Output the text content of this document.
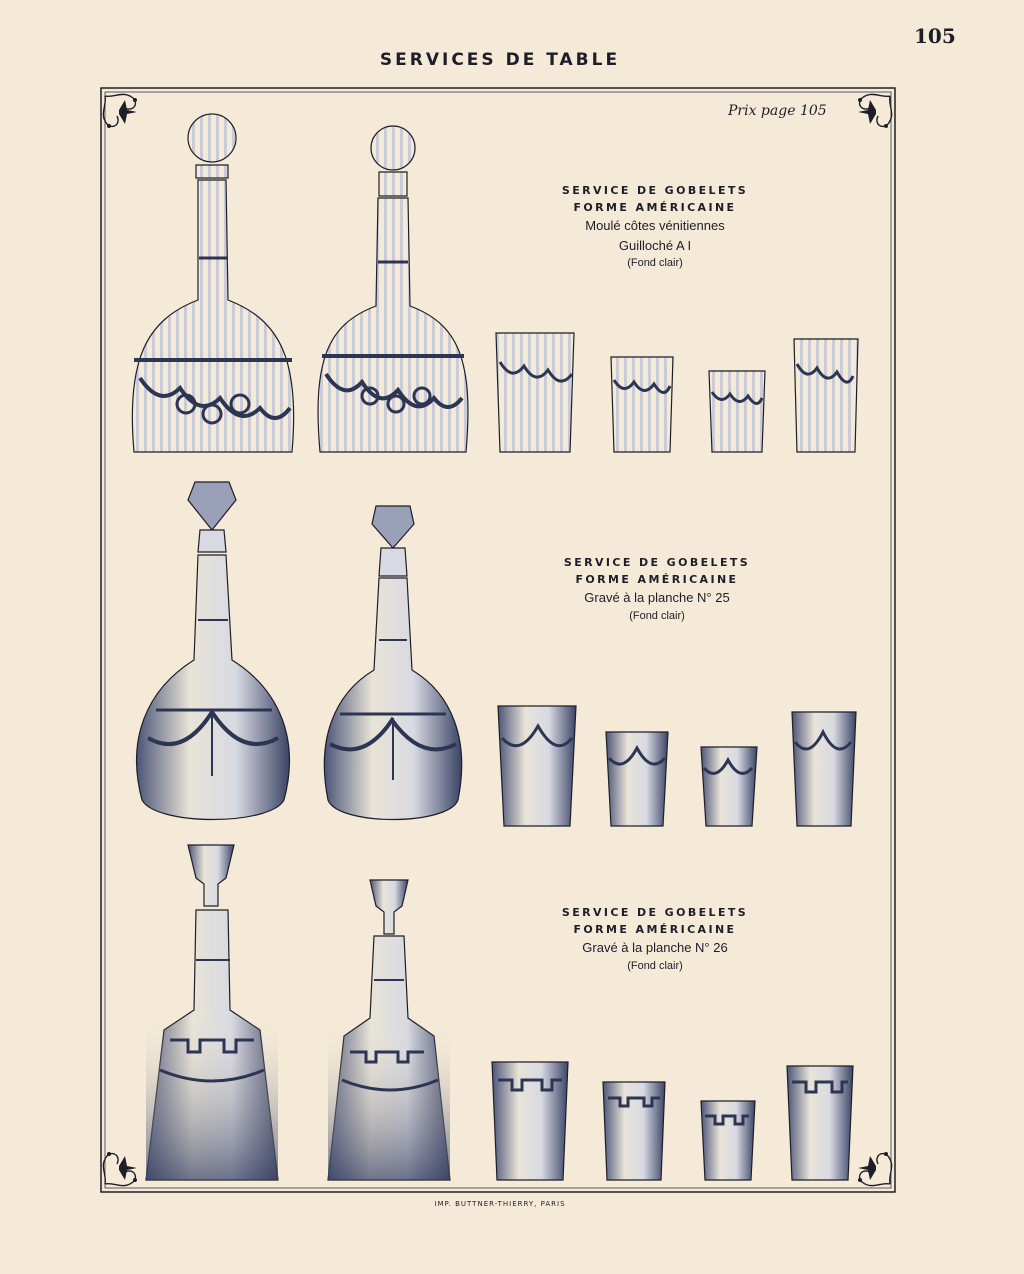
105
SERVICES DE TABLE
Prix page 105
SERVICE DE GOBELETS
FORME AMÉRICAINE
Moulé côtes vénitiennes
Guilloché A I
(Fond clair)
SERVICE DE GOBELETS
FORME AMÉRICAINE
Gravé à la planche N° 25
(Fond clair)
SERVICE DE GOBELETS
FORME AMÉRICAINE
Gravé à la planche N° 26
(Fond clair)
IMP. BUTTNER-THIERRY, PARIS
